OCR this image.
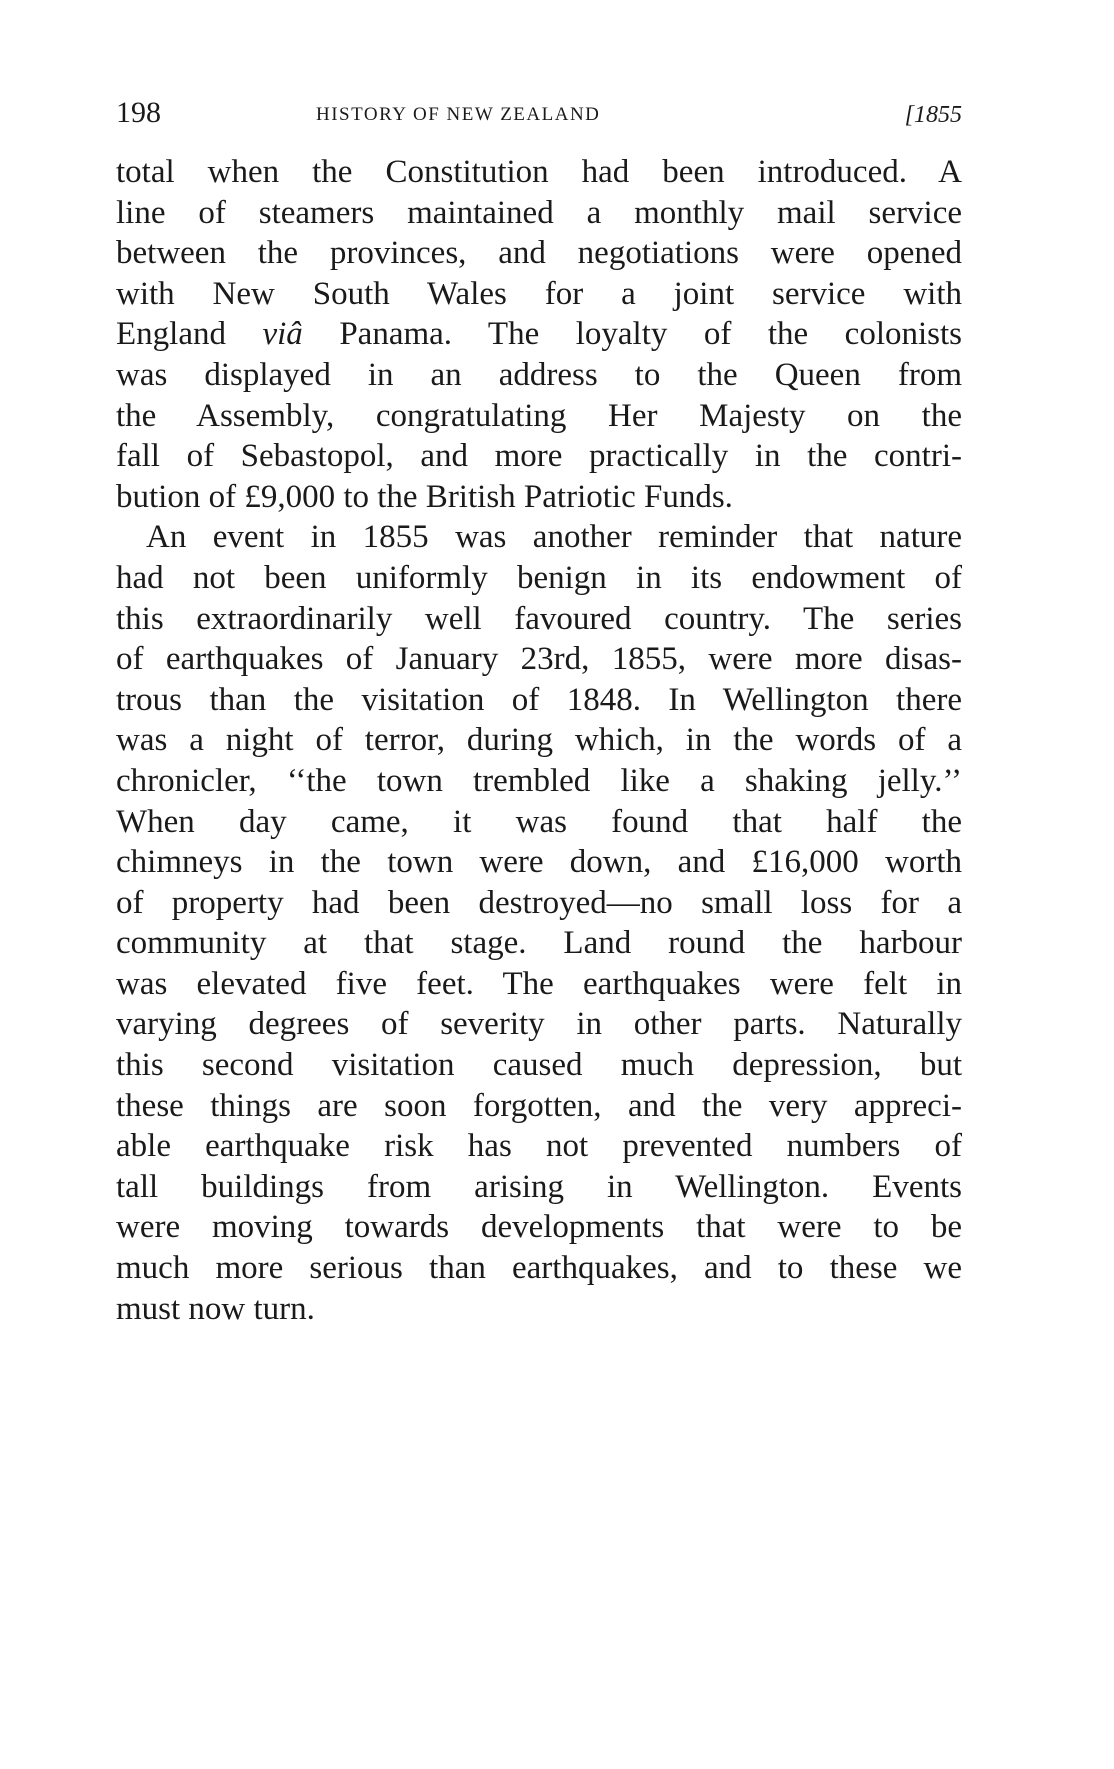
198	HISTORY OF NEW ZEALAND	[1855
total when the Constitution had been introduced. A
line of steamers maintained a monthly mail service
between the provinces, and negotiations were opened
with New South Wales for a joint service with
England viâ Panama. The loyalty of the colonists
was displayed in an address to the Queen from
the Assembly, congratulating Her Majesty on the
fall of Sebastopol, and more practically in the contri-
bution of £9,000 to the British Patriotic Funds.
An event in 1855 was another reminder that nature
had not been uniformly benign in its endowment of
this extraordinarily well favoured country. The series
of earthquakes of January 23rd, 1855, were more disas-
trous than the visitation of 1848. In Wellington there
was a night of terror, during which, in the words of a
chronicler, ‘‘the town trembled like a shaking jelly.’’
When day came, it was found that half the
chimneys in the town were down, and £16,000 worth
of property had been destroyed—no small loss for a
community at that stage. Land round the harbour
was elevated five feet. The earthquakes were felt in
varying degrees of severity in other parts. Naturally
this second visitation caused much depression, but
these things are soon forgotten, and the very appreci-
able earthquake risk has not prevented numbers of
tall buildings from arising in Wellington. Events
were moving towards developments that were to be
much more serious than earthquakes, and to these we
must now turn.
